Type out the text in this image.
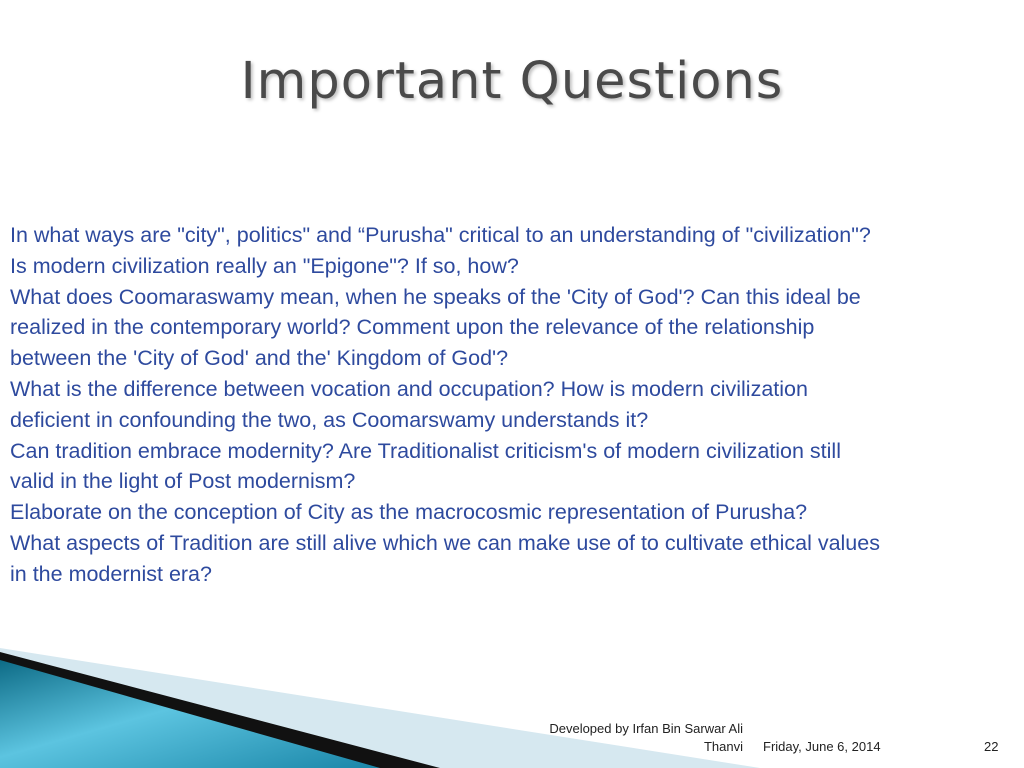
Important Questions
In what ways are "city", politics" and “Purusha" critical to an understanding of "civilization"?
Is modern civilization really an "Epigone"? If so, how?
What does Coomaraswamy mean, when he speaks of the 'City of God'? Can this ideal be
realized in the contemporary world? Comment upon the relevance of the relationship
between the 'City of God' and the' Kingdom of God'?
What is the difference between vocation and occupation? How is modern civilization
deficient in confounding the two, as Coomarswamy understands it?
Can tradition embrace modernity? Are Traditionalist criticism's of modern civilization still
valid in the light of Post modernism?
Elaborate on the conception of City as the macrocosmic representation of Purusha?
What aspects of Tradition are still alive which we can make use of to cultivate ethical values
in the modernist era?
Developed by Irfan Bin Sarwar Ali
Thanvi Friday, June 6, 2014	22
